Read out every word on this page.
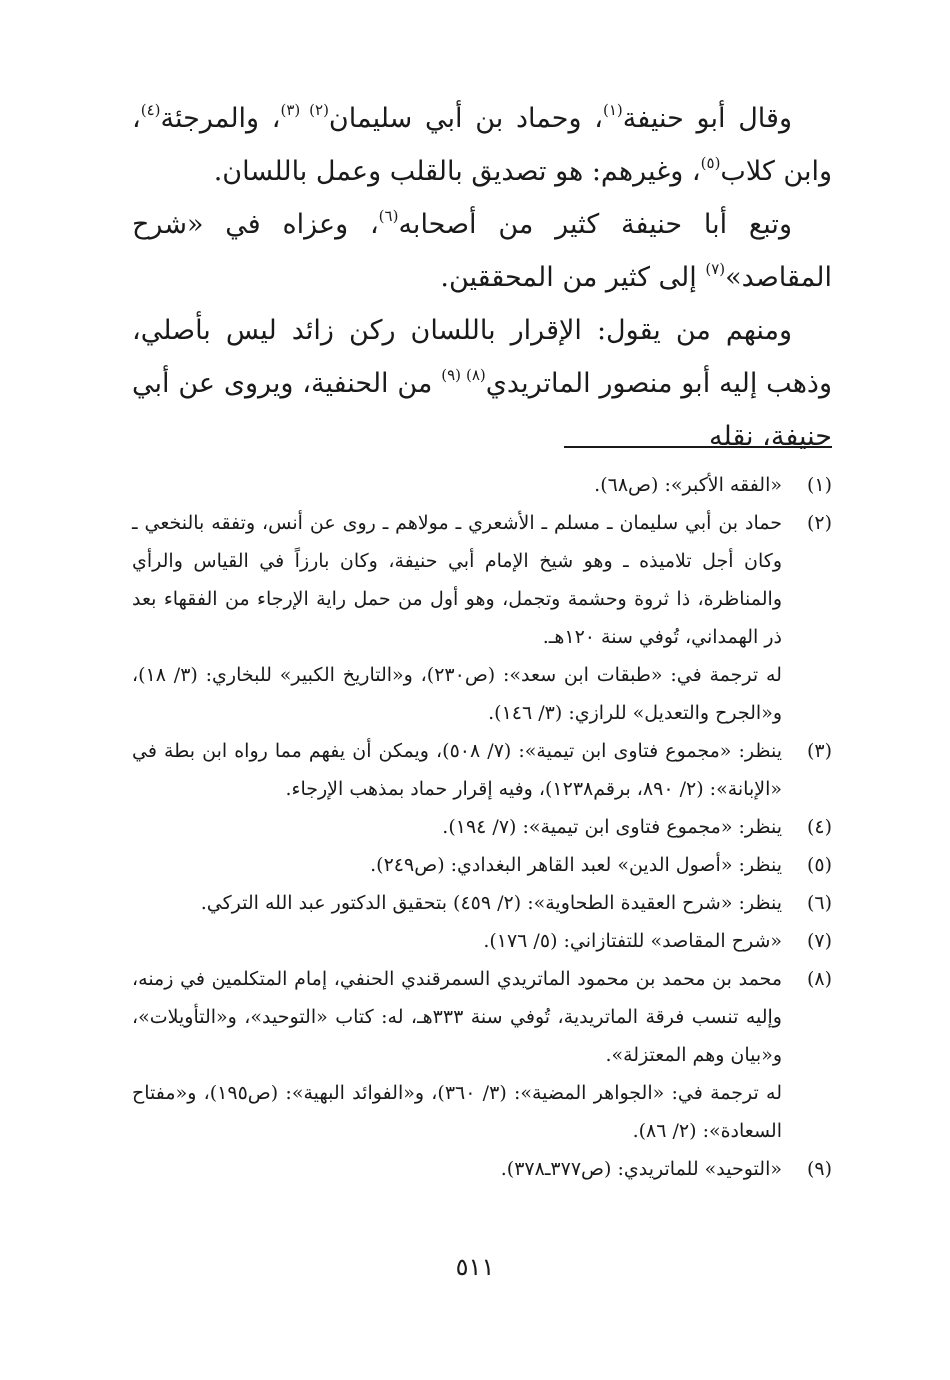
وقال أبو حنيفة$^{(١)}$، وحماد بن أبي سليمان$^{(٢) (٣)}$، والمرجئة$^{(٤)}$، وابن كلاب$^{(٥)}$، وغيرهم: هو تصديق بالقلب وعمل باللسان.

وتبع أبا حنيفة كثير من أصحابه$^{(٦)}$، وعزاه في «شرح المقاصد»$^{(٧)}$ إلى كثير من المحققين.

ومنهم من يقول: الإقرار باللسان ركن زائد ليس بأصلي، وذهب إليه أبو منصور الماتريدي$^{(٨) (٩)}$ من الحنفية، ويروى عن أبي حنيفة، نقله

(١)

«الفقه الأكبر»: (ص٦٨).

(٢)

حماد بن أبي سليمان ـ مسلم ـ الأشعري ـ مولاهم ـ روى عن أنس، وتفقه بالنخعي ـ وكان أجل تلاميذه ـ وهو شيخ الإمام أبي حنيفة، وكان بارزاً في القياس والرأي والمناظرة، ذا ثروة وحشمة وتجمل، وهو أول من حمل راية الإرجاء من الفقهاء بعد ذر الهمداني، تُوفي سنة ١٢٠هـ.

له ترجمة في: «طبقات ابن سعد»: (ص٢٣٠)، و«التاريخ الكبير» للبخاري: (٣/ ١٨)، و«الجرح والتعديل» للرازي: (٣/ ١٤٦).

(٣)

ينظر: «مجموع فتاوى ابن تيمية»: (٧/ ٥٠٨)، ويمكن أن يفهم مما رواه ابن بطة في «الإبانة»: (٢/ ٨٩٠، برقم١٢٣٨)، وفيه إقرار حماد بمذهب الإرجاء.

(٤)

ينظر: «مجموع فتاوى ابن تيمية»: (٧/ ١٩٤).

(٥)

ينظر: «أصول الدين» لعبد القاهر البغدادي: (ص٢٤٩).

(٦)

ينظر: «شرح العقيدة الطحاوية»: (٢/ ٤٥٩) بتحقيق الدكتور عبد الله التركي.

(٧)

«شرح المقاصد» للتفتازاني: (٥/ ١٧٦).

(٨)

محمد بن محمد بن محمود الماتريدي السمرقندي الحنفي، إمام المتكلمين في زمنه، وإليه تنسب فرقة الماتريدية، تُوفي سنة ٣٣٣هـ، له: كتاب «التوحيد»، و«التأويلات»، و«بيان وهم المعتزلة».

له ترجمة في: «الجواهر المضية»: (٣/ ٣٦٠)، و«الفوائد البهية»: (ص١٩٥)، و«مفتاح السعادة»: (٢/ ٨٦).

(٩)

«التوحيد» للماتريدي: (ص٣٧٧ـ٣٧٨).

٥١١
